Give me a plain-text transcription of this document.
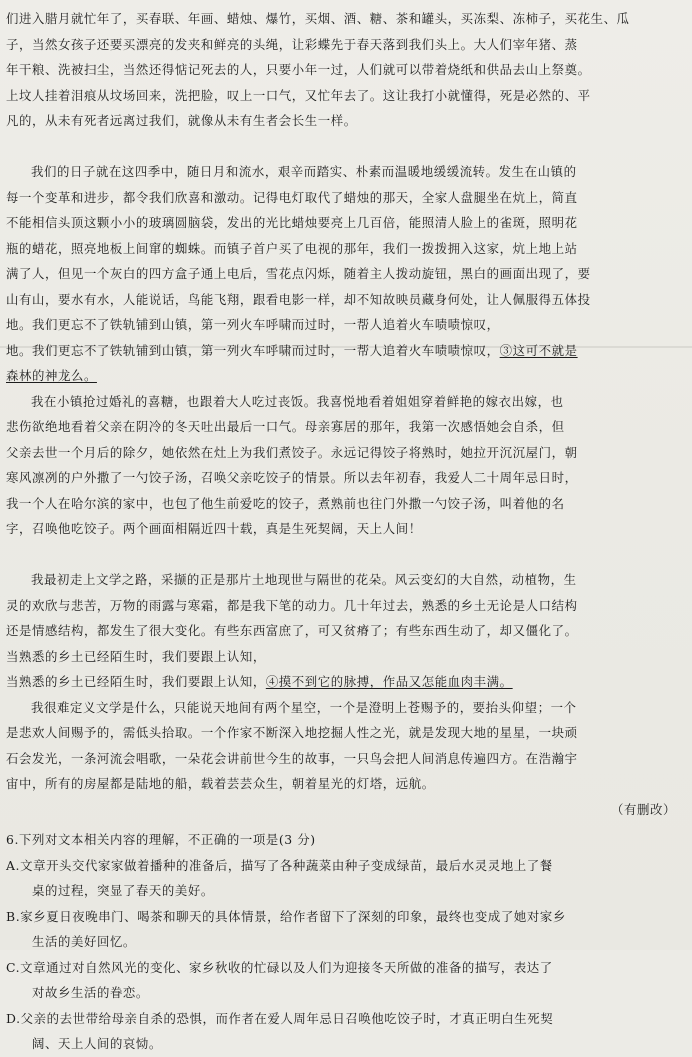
们进入腊月就忙年了，买春联、年画、蜡烛、爆竹，买烟、酒、糖、茶和罐头，买冻梨、冻柿子，买花生、瓜
子，当然女孩子还要买漂亮的发夹和鲜亮的头绳，让彩蝶先于春天落到我们头上。大人们宰年猪、蒸
年干粮、洗被扫尘，当然还得惦记死去的人，只要小年一过，人们就可以带着烧纸和供品去山上祭奠。
上坟人挂着泪痕从坟场回来，洗把脸，叹上一口气，又忙年去了。这让我打小就懂得，死是必然的、平
凡的，从未有死者远离过我们，就像从未有生者会长生一样。
我们的日子就在这四季中，随日月和流水，艰辛而踏实、朴素而温暖地缓缓流转。发生在山镇的
每一个变革和进步，都令我们欣喜和激动。记得电灯取代了蜡烛的那天，全家人盘腿坐在炕上，简直
不能相信头顶这颗小小的玻璃圆脑袋，发出的光比蜡烛要亮上几百倍，能照清人脸上的雀斑，照明花
瓶的蜡花，照亮地板上间窜的蜘蛛。而镇子首户买了电视的那年，我们一拨拨拥入这家，炕上地上站
满了人，但见一个灰白的四方盒子通上电后，雪花点闪烁，随着主人拨动旋钮，黑白的画面出现了，要
山有山，要水有水，人能说话，鸟能飞翔，跟看电影一样，却不知故映员藏身何处，让人佩服得五体投
地。我们更忘不了铁轨铺到山镇，第一列火车呼啸而过时，一帮人追着火车啧啧惊叹，
地。我们更忘不了铁轨铺到山镇，第一列火车呼啸而过时，一帮人追着火车啧啧惊叹，③这可不就是
森林的神龙么。
我在小镇抢过婚礼的喜糖，也跟着大人吃过丧饭。我喜悦地看着姐姐穿着鲜艳的嫁衣出嫁，也
悲伤欲绝地看着父亲在阴冷的冬天吐出最后一口气。母亲寡居的那年，我第一次感悟她会自杀，但
父亲去世一个月后的除夕，她依然在灶上为我们煮饺子。永远记得饺子将熟时，她拉开沉沉屋门，朝
寒风凛冽的户外撒了一勺饺子汤，召唤父亲吃饺子的情景。所以去年初春，我爱人二十周年忌日时，
我一个人在哈尔滨的家中，也包了他生前爱吃的饺子，煮熟前也往门外撒一勺饺子汤，叫着他的名
字，召唤他吃饺子。两个画面相隔近四十载，真是生死契阔，天上人间！
我最初走上文学之路，采撷的正是那片土地现世与隔世的花朵。风云变幻的大自然，动植物，生
灵的欢欣与悲苦，万物的雨露与寒霜，都是我下笔的动力。几十年过去，熟悉的乡土无论是人口结构
还是情感结构，都发生了很大变化。有些东西富庶了，可又贫瘠了；有些东西生动了，却又僵化了。
当熟悉的乡土已经陌生时，我们要跟上认知，
当熟悉的乡土已经陌生时，我们要跟上认知，④摸不到它的脉搏，作品又怎能血肉丰满。
我很难定义文学是什么，只能说天地间有两个星空，一个是澄明上苍赐予的，要抬头仰望；一个
是悲欢人间赐予的，需低头拾取。一个作家不断深入地挖掘人性之光，就是发现大地的星星，一块顽
石会发光，一条河流会唱歌，一朵花会讲前世今生的故事，一只鸟会把人间消息传遍四方。在浩瀚宇
宙中，所有的房屋都是陆地的船，载着芸芸众生，朝着星光的灯塔，远航。
（有删改）
6.下列对文本相关内容的理解，不正确的一项是(3 分)
A.文章开头交代家家做着播种的准备后，描写了各种蔬菜由种子变成绿苗，最后水灵灵地上了餐
桌的过程，突显了春天的美好。
B.家乡夏日夜晚串门、喝茶和聊天的具体情景，给作者留下了深刻的印象，最终也变成了她对家乡
生活的美好回忆。
C.文章通过对自然风光的变化、家乡秋收的忙碌以及人们为迎接冬天所做的准备的描写，表达了
对故乡生活的眷恋。
D.父亲的去世带给母亲自杀的恐惧，而作者在爱人周年忌日召唤他吃饺子时，才真正明白生死契
阔、天上人间的哀恸。
